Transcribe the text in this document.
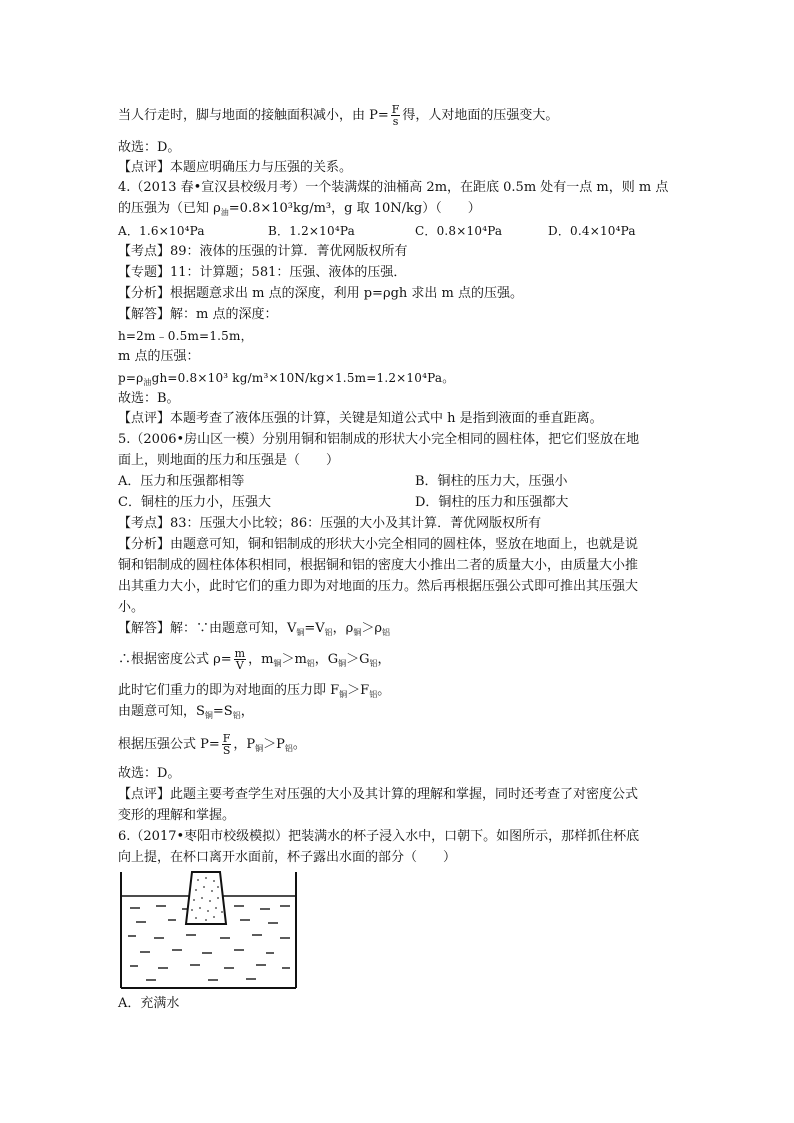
当人行走时，脚与地面的接触面积减小，由 $P= \frac{F}{s}$ 得，人对地面的压强变大。
故选：D。
【点评】本题应明确压力与压强的关系。
4.（2013 春•宣汉县校级月考）一个装满煤的油桶高 2m，在距底 0.5m 处有一点 m，则 m 点
的压强为（已知 $\rho_油=0.8\times 10^3kg/m^3$，g 取 10N/kg）（　　）
A．1.6×10⁴Pa	B．1.2×10⁴Pa	C．0.8×10⁴Pa	D．0.4×10⁴Pa
【考点】89：液体的压强的计算．菁优网版权所有
【专题】11：计算题；581：压强、液体的压强．
【分析】根据题意求出 m 点的深度，利用 p=ρgh 求出 m 点的压强。
【解答】解：m 点的深度：
h=2m﹣0.5m=1.5m，
m 点的压强：
$p=\rho_油gh=0.8\times 10^3$ kg/m³×10N/kg×1.5m=1.2×10⁴Pa。
故选：B。
【点评】本题考查了液体压强的计算，关键是知道公式中 h 是指到液面的垂直距离。
5.（2006•房山区一模）分别用铜和铝制成的形状大小完全相同的圆柱体，把它们竖放在地
面上，则地面的压力和压强是（　　）
A．压力和压强都相等	B．铜柱的压力大，压强小
C．铜柱的压力小，压强大	D．铜柱的压力和压强都大
【考点】83：压强大小比较；86：压强的大小及其计算．菁优网版权所有
【分析】由题意可知，铜和铝制成的形状大小完全相同的圆柱体，竖放在地面上，也就是说
铜和铝制成的圆柱体体积相同，根据铜和铝的密度大小推出二者的质量大小，由质量大小推
出其重力大小，此时它们的重力即为对地面的压力。然后再根据压强公式即可推出其压强大
小。
【解答】解：∵由题意可知，$V_铜=V_铝$，$\rho_铜>\rho_铝$
∴根据密度公式 $\rho= \frac{m}{V}$ ，$m_铜>m_铝$，$G_铜>G_铝$，
此时它们重力的即为对地面的压力即 $F_铜>F_铝$。
由题意可知，$S_铜=S_铝$，
根据压强公式 $P= \frac{F}{S}$ ，$P_铜>P_铝$。
故选：D。
【点评】此题主要考查学生对压强的大小及其计算的理解和掌握，同时还考查了对密度公式
变形的理解和掌握。
6.（2017•枣阳市校级模拟）把装满水的杯子浸入水中，口朝下。如图所示，那样抓住杯底
向上提，在杯口离开水面前，杯子露出水面的部分（　　）
A．充满水
